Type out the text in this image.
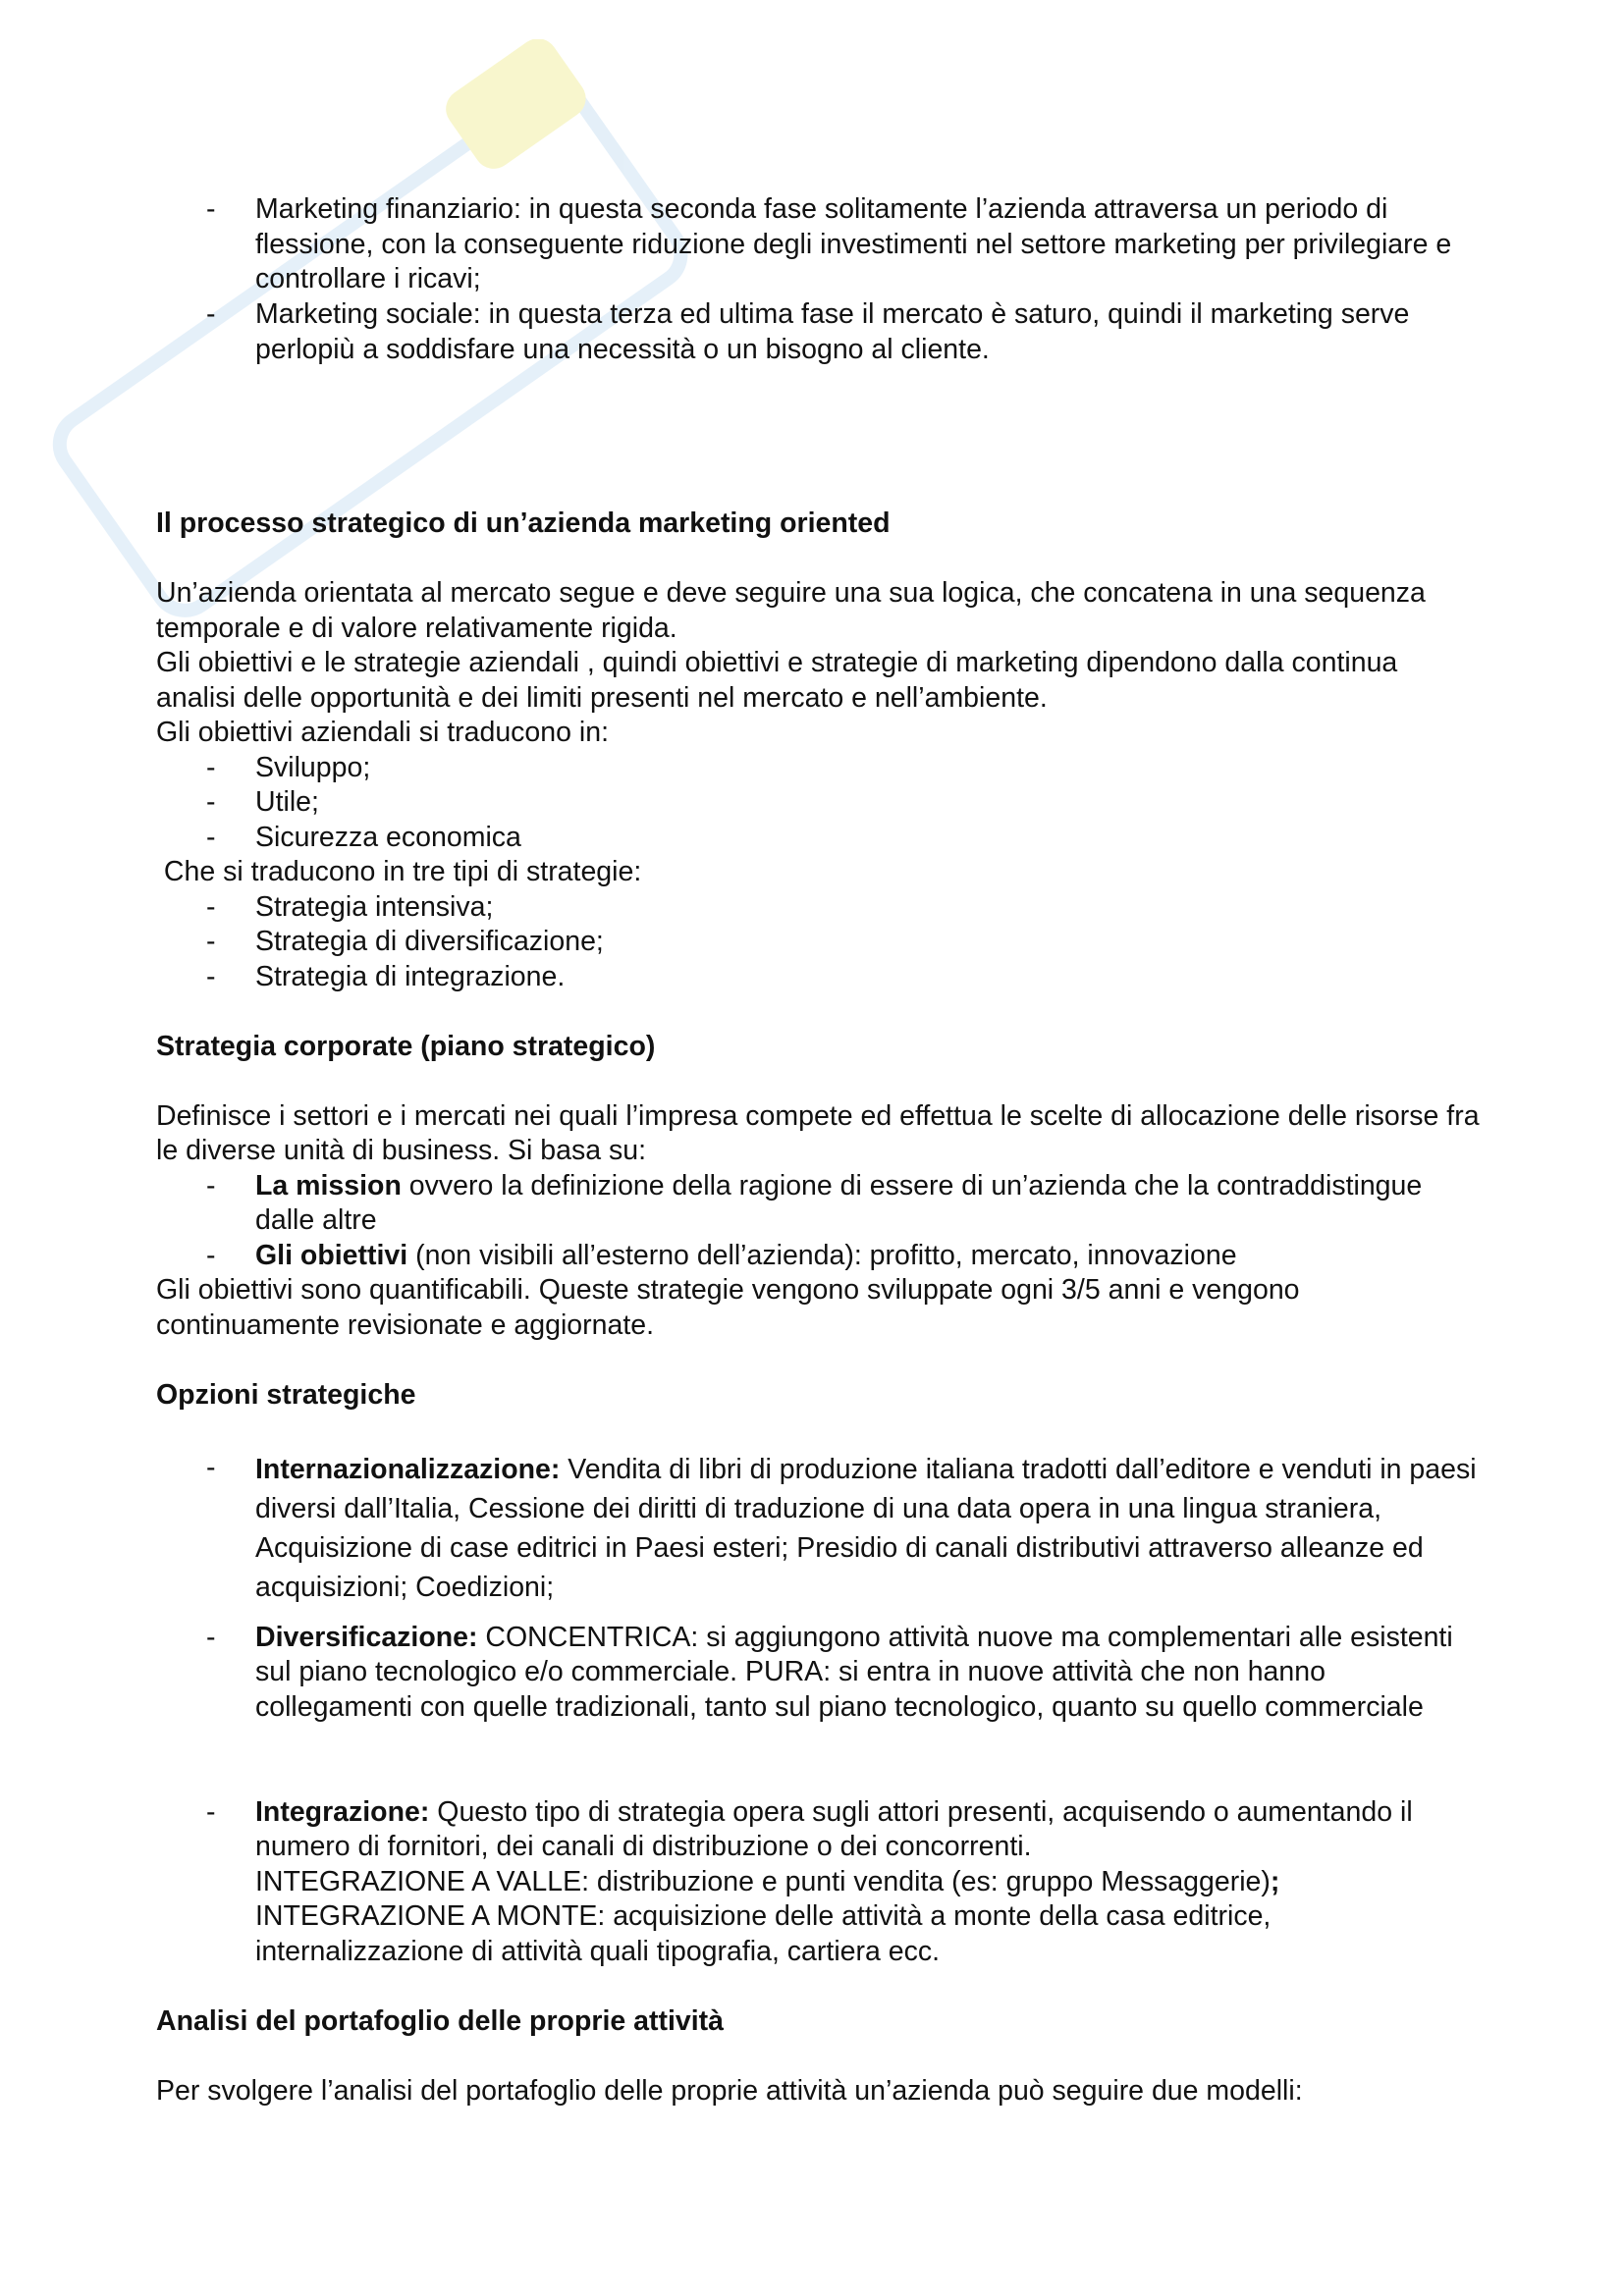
- Marketing finanziario: in questa seconda fase solitamente l’azienda attraversa un periodo di flessione, con la conseguente riduzione degli investimenti nel settore marketing per privilegiare e controllare i ricavi;
- Marketing sociale: in questa terza ed ultima fase il mercato è saturo, quindi il marketing serve perlopiù a soddisfare una necessità o un bisogno al cliente.
Il processo strategico di un’azienda marketing oriented
Un’azienda orientata al mercato segue e deve seguire una sua logica, che concatena in una sequenza temporale e di valore relativamente rigida.
Gli obiettivi e le strategie aziendali , quindi obiettivi e strategie di marketing dipendono dalla continua analisi delle opportunità e dei limiti presenti nel mercato e nell’ambiente.
Gli obiettivi aziendali si traducono in:
- Sviluppo;
- Utile;
- Sicurezza economica
Che si traducono in tre tipi di strategie:
- Strategia intensiva;
- Strategia di diversificazione;
- Strategia di integrazione.
Strategia corporate (piano strategico)
Definisce i settori e i mercati nei quali l’impresa compete ed effettua le scelte di allocazione delle risorse fra le diverse unità di business. Si basa su:
- La mission ovvero la definizione della ragione di essere di un’azienda che la contraddistingue dalle altre
- Gli obiettivi (non visibili all’esterno dell’azienda): profitto, mercato, innovazione
Gli obiettivi sono quantificabili. Queste strategie vengono sviluppate ogni 3/5 anni e vengono continuamente revisionate e aggiornate.
Opzioni strategiche
- Internazionalizzazione: Vendita di libri di produzione italiana tradotti dall’editore e venduti in paesi diversi dall’Italia, Cessione dei diritti di traduzione di una data opera in una lingua straniera, Acquisizione di case editrici in Paesi esteri; Presidio di canali distributivi attraverso alleanze ed acquisizioni; Coedizioni;
- Diversificazione: CONCENTRICA: si aggiungono attività nuove ma complementari alle esistenti sul piano tecnologico e/o commerciale. PURA: si entra in nuove attività che non hanno collegamenti con quelle tradizionali, tanto sul piano tecnologico, quanto su quello commerciale
- Integrazione: Questo tipo di strategia opera sugli attori presenti, acquisendo o aumentando il numero di fornitori, dei canali di distribuzione o dei concorrenti.
INTEGRAZIONE A VALLE: distribuzione e punti vendita (es: gruppo Messaggerie);
INTEGRAZIONE A MONTE: acquisizione delle attività a monte della casa editrice, internalizzazione di attività quali tipografia, cartiera ecc.
Analisi del portafoglio delle proprie attività
Per svolgere l’analisi del portafoglio delle proprie attività un’azienda può seguire due modelli:
